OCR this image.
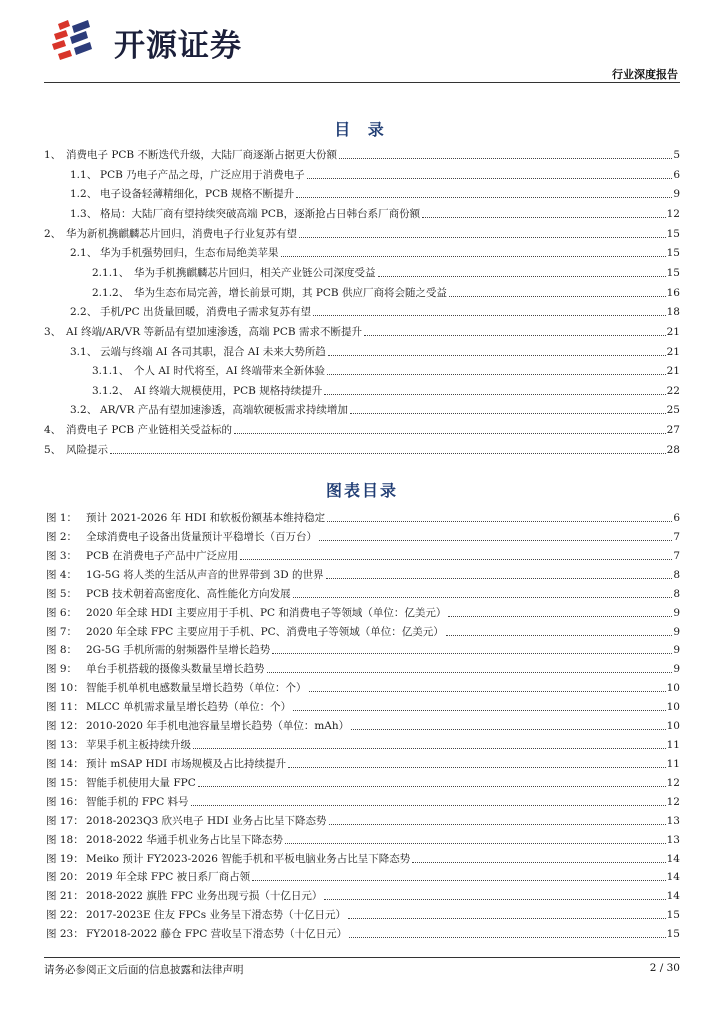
开源证券
行业深度报告
目 录
1、 消费电子 PCB 不断迭代升级，大陆厂商逐渐占据更大份额	5
1.1、 PCB 乃电子产品之母，广泛应用于消费电子	6
1.2、 电子设备轻薄精细化，PCB 规格不断提升	9
1.3、 格局：大陆厂商有望持续突破高端 PCB，逐渐抢占日韩台系厂商份额	12
2、 华为新机携麒麟芯片回归，消费电子行业复苏有望	15
2.1、 华为手机强势回归，生态布局绝美苹果	15
2.1.1、 华为手机携麒麟芯片回归，相关产业链公司深度受益	15
2.1.2、 华为生态布局完善，增长前景可期，其 PCB 供应厂商将会随之受益	16
2.2、 手机/PC 出货量回暖，消费电子需求复苏有望	18
3、 AI 终端/AR/VR 等新品有望加速渗透，高端 PCB 需求不断提升	21
3.1、 云端与终端 AI 各司其职，混合 AI 未来大势所趋	21
3.1.1、 个人 AI 时代将至，AI 终端带来全新体验	21
3.1.2、 AI 终端大规模使用，PCB 规格持续提升	22
3.2、 AR/VR 产品有望加速渗透，高端软硬板需求持续增加	25
4、 消费电子 PCB 产业链相关受益标的	27
5、 风险提示	28
图表目录
图 1： 预计 2021-2026 年 HDI 和软板份额基本维持稳定	6
图 2： 全球消费电子设备出货量预计平稳增长（百万台）	7
图 3： PCB 在消费电子产品中广泛应用	7
图 4： 1G-5G 将人类的生活从声音的世界带到 3D 的世界	8
图 5： PCB 技术朝着高密度化、高性能化方向发展	8
图 6： 2020 年全球 HDI 主要应用于手机、PC 和消费电子等领域（单位：亿美元）	9
图 7： 2020 年全球 FPC 主要应用于手机、PC、消费电子等领域（单位：亿美元）	9
图 8： 2G-5G 手机所需的射频器件呈增长趋势	9
图 9： 单台手机搭载的摄像头数量呈增长趋势	9
图 10： 智能手机单机电感数量呈增长趋势（单位：个）	10
图 11： MLCC 单机需求量呈增长趋势（单位：个）	10
图 12： 2010-2020 年手机电池容量呈增长趋势（单位：mAh）	10
图 13： 苹果手机主板持续升级	11
图 14： 预计 mSAP HDI 市场规模及占比持续提升	11
图 15： 智能手机使用大量 FPC	12
图 16： 智能手机的 FPC 料号	12
图 17： 2018-2023Q3 欣兴电子 HDI 业务占比呈下降态势	13
图 18： 2018-2022 华通手机业务占比呈下降态势	13
图 19： Meiko 预计 FY2023-2026 智能手机和平板电脑业务占比呈下降态势	14
图 20： 2019 年全球 FPC 被日系厂商占领	14
图 21： 2018-2022 旗胜 FPC 业务出现亏损（十亿日元）	14
图 22： 2017-2023E 住友 FPCs 业务呈下滑态势（十亿日元）	15
图 23： FY2018-2022 藤仓 FPC 营收呈下滑态势（十亿日元）	15
请务必参阅正文后面的信息披露和法律声明	2 / 30
